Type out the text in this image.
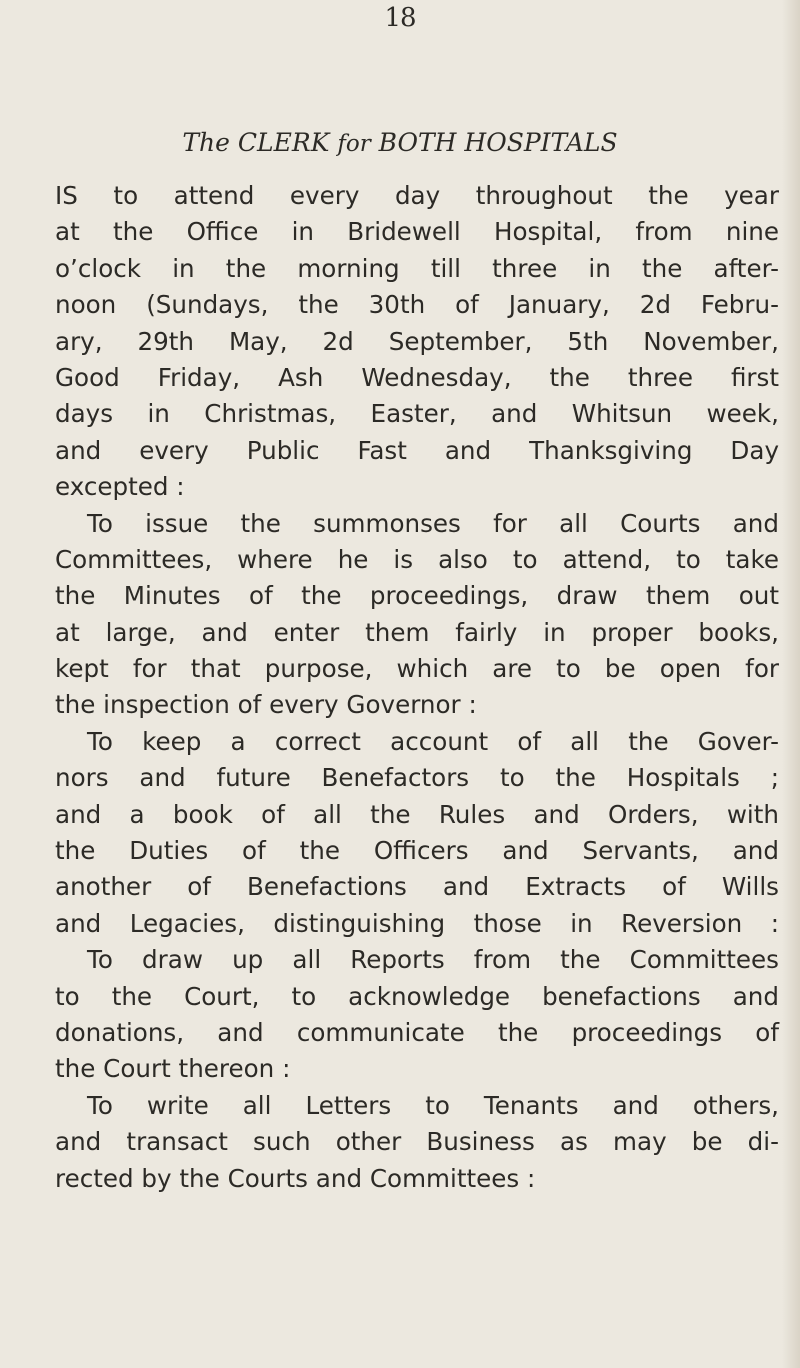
18
The CLERK for BOTH HOSPITALS
IS to attend every day throughout the year
at the Office in Bridewell Hospital, from nine
o’clock in the morning till three in the after-
noon (Sundays, the 30th of January, 2d Febru-
ary, 29th May, 2d September, 5th November,
Good Friday, Ash Wednesday, the three first
days in Christmas, Easter, and Whitsun week,
and every Public Fast and Thanksgiving Day
excepted :
To issue the summonses for all Courts and
Committees, where he is also to attend, to take
the Minutes of the proceedings, draw them out
at large, and enter them fairly in proper books,
kept for that purpose, which are to be open for
the inspection of every Governor :
To keep a correct account of all the Gover-
nors and future Benefactors to the Hospitals ;
and a book of all the Rules and Orders, with
the Duties of the Officers and Servants, and
another of Benefactions and Extracts of Wills
and Legacies, distinguishing those in Reversion :
To draw up all Reports from the Committees
to the Court, to acknowledge benefactions and
donations, and communicate the proceedings of
the Court thereon :
To write all Letters to Tenants and others,
and transact such other Business as may be di-
rected by the Courts and Committees :
